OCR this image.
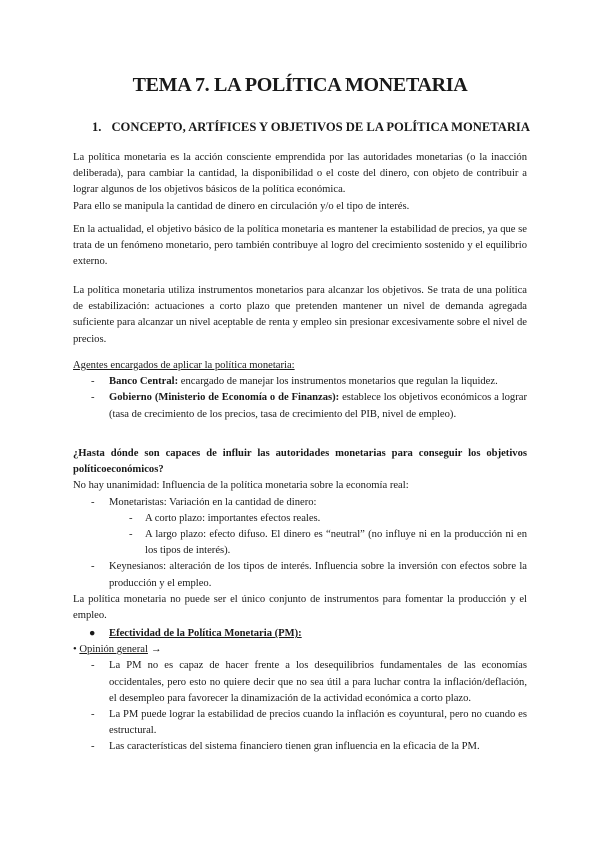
TEMA 7. LA POLÍTICA MONETARIA
1. CONCEPTO, ARTÍFICES Y OBJETIVOS DE LA POLÍTICA MONETARIA

La política monetaria es la acción consciente emprendida por las autoridades monetarias (o la inacción deliberada), para cambiar la cantidad, la disponibilidad o el coste del dinero, con objeto de contribuir a lograr algunos de los objetivos básicos de la política económica.

Para ello se manipula la cantidad de dinero en circulación y/o el tipo de interés.

En la actualidad, el objetivo básico de la política monetaria es mantener la estabilidad de precios, ya que se trata de un fenómeno monetario, pero también contribuye al logro del crecimiento sostenido y el equilibrio externo.

La política monetaria utiliza instrumentos monetarios para alcanzar los objetivos. Se trata de una política de estabilización: actuaciones a corto plazo que pretenden mantener un nivel de demanda agregada suficiente para alcanzar un nivel aceptable de renta y empleo sin presionar excesivamente sobre el nivel de precios.

Agentes encargados de aplicar la política monetaria:

- Banco Central: encargado de manejar los instrumentos monetarios que regulan la liquidez.
- Gobierno (Ministerio de Economía o de Finanzas): establece los objetivos económicos a lograr (tasa de crecimiento de los precios, tasa de crecimiento del PIB, nivel de empleo).

¿Hasta dónde son capaces de influir las autoridades monetarias para conseguir los objetivos políticoeconómicos?

No hay unanimidad: Influencia de la política monetaria sobre la economía real:

- Monetaristas: Variación en la cantidad de dinero:
- A corto plazo: importantes efectos reales.
- A largo plazo: efecto difuso. El dinero es “neutral” (no influye ni en la producción ni en los tipos de interés).
- Keynesianos: alteración de los tipos de interés. Influencia sobre la inversión con efectos sobre la producción y el empleo.

La política monetaria no puede ser el único conjunto de instrumentos para fomentar la producción y el empleo.

● Efectividad de la Política Monetaria (PM):

• Opinión general →

- La PM no es capaz de hacer frente a los desequilibrios fundamentales de las economías occidentales, pero esto no quiere decir que no sea útil a para luchar contra la inflación/deflación, el desempleo para favorecer la dinamización de la actividad económica a corto plazo.
- La PM puede lograr la estabilidad de precios cuando la inflación es coyuntural, pero no cuando es estructural.
- Las características del sistema financiero tienen gran influencia en la eficacia de la PM.
